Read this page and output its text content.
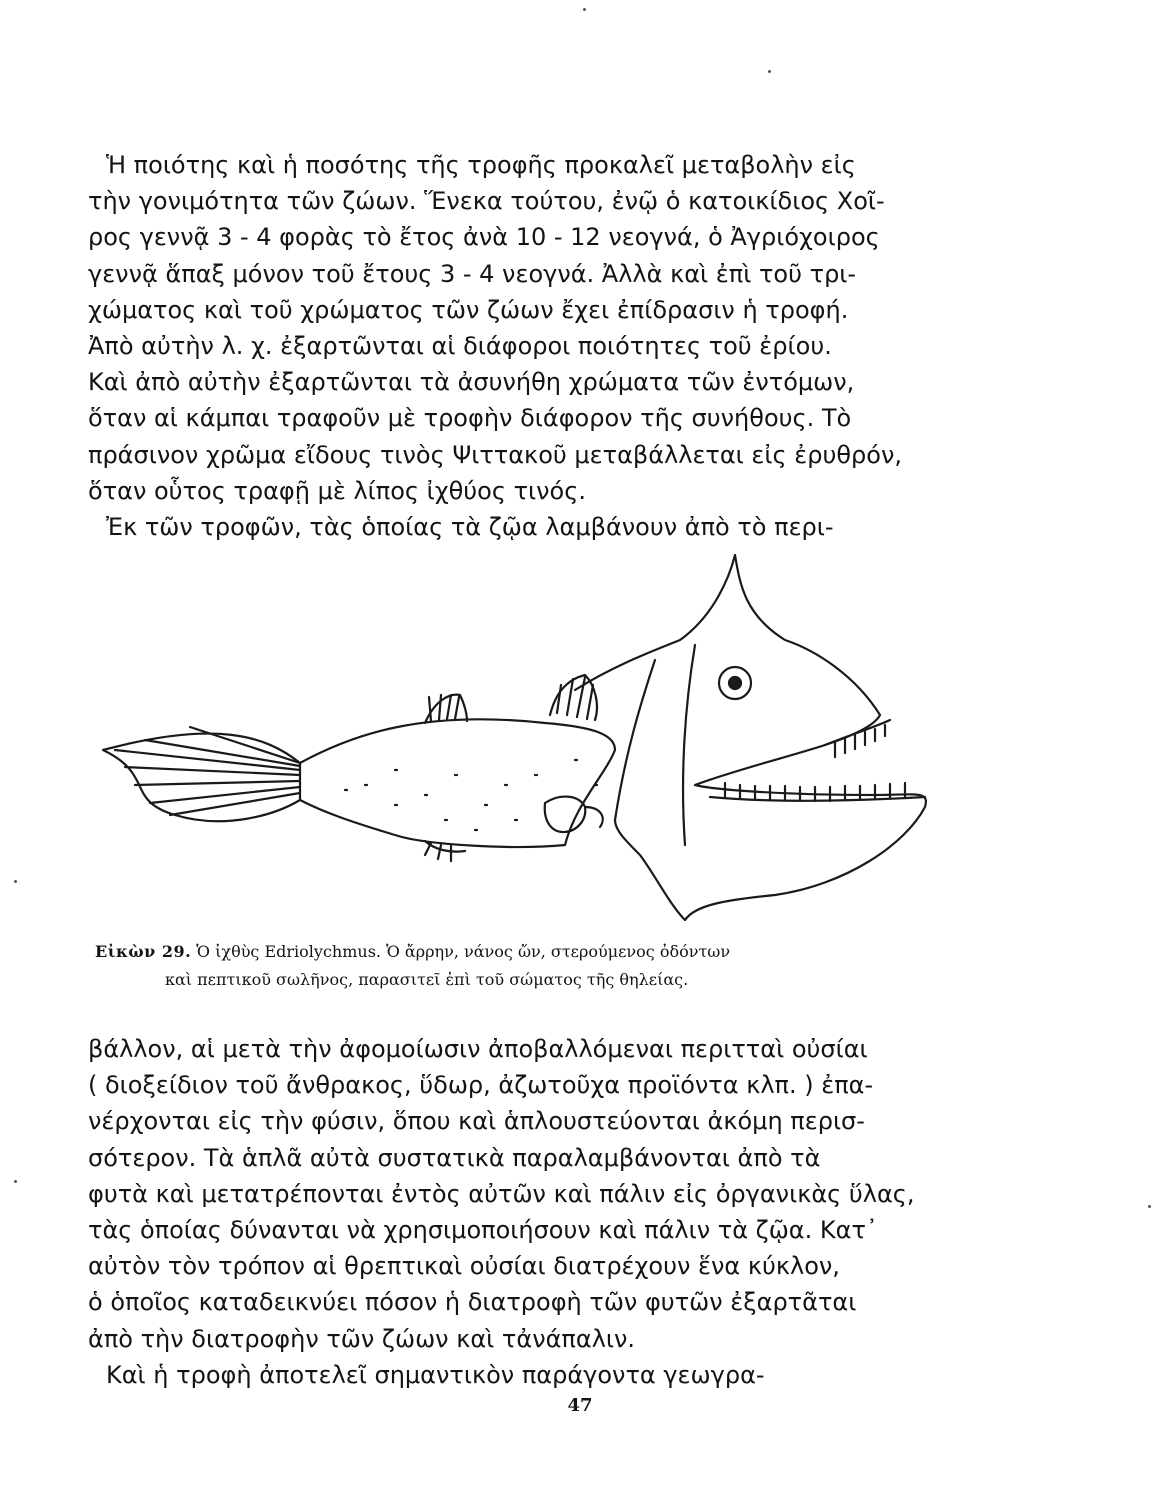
Ἡ ποιότης καὶ ἡ ποσότης τῆς τροφῆς προκαλεῖ μεταβολὴν εἰς
τὴν γονιμότητα τῶν ζώων. Ἕνεκα τούτου, ἐνῷ ὁ κατοικίδιος Χοῖ-
ρος γεννᾷ 3 - 4 φορὰς τὸ ἔτος ἀνὰ 10 - 12 νεογνά, ὁ Ἀγριόχοιρος
γεννᾷ ἅπαξ μόνον τοῦ ἔτους 3 - 4 νεογνά. Ἀλλὰ καὶ ἐπὶ τοῦ τρι-
χώματος καὶ τοῦ χρώματος τῶν ζώων ἔχει ἐπίδρασιν ἡ τροφή.
Ἀπὸ αὐτὴν λ. χ. ἐξαρτῶνται αἱ διάφοροι ποιότητες τοῦ ἐρίου.
Καὶ ἀπὸ αὐτὴν ἐξαρτῶνται τὰ ἀσυνήθη χρώματα τῶν ἐντόμων,
ὅταν αἱ κάμπαι τραφοῦν μὲ τροφὴν διάφορον τῆς συνήθους. Τὸ
πράσινον χρῶμα εἴδους τινὸς Ψιττακοῦ μεταβάλλεται εἰς ἐρυθρόν,
ὅταν οὗτος τραφῇ μὲ λίπος ἰχθύος τινός.
Ἐκ τῶν τροφῶν, τὰς ὁποίας τὰ ζῷα λαμβάνουν ἀπὸ τὸ περι-
Εἰκὼν 29. Ὁ ἰχθὺς Edriolychmus. Ὁ ἄρρην, νάνος ὤν, στερούμενος ὀδόντων
καὶ πεπτικοῦ σωλῆνος, παρασιτεῖ ἐπὶ τοῦ σώματος τῆς θηλείας.
βάλλον, αἱ μετὰ τὴν ἀφομοίωσιν ἀποβαλλόμεναι περιτταὶ οὐσίαι
( διοξείδιον τοῦ ἄνθρακος, ὕδωρ, ἀζωτοῦχα προϊόντα κλπ. ) ἐπα-
νέρχονται εἰς τὴν φύσιν, ὅπου καὶ ἁπλουστεύονται ἀκόμη περισ-
σότερον. Τὰ ἁπλᾶ αὐτὰ συστατικὰ παραλαμβάνονται ἀπὸ τὰ
φυτὰ καὶ μετατρέπονται ἐντὸς αὐτῶν καὶ πάλιν εἰς ὀργανικὰς ὕλας,
τὰς ὁποίας δύνανται νὰ χρησιμοποιήσουν καὶ πάλιν τὰ ζῷα. Κατ᾽
αὐτὸν τὸν τρόπον αἱ θρεπτικαὶ οὐσίαι διατρέχουν ἕνα κύκλον,
ὁ ὁποῖος καταδεικνύει πόσον ἡ διατροφὴ τῶν φυτῶν ἐξαρτᾶται
ἀπὸ τὴν διατροφὴν τῶν ζώων καὶ τἀνάπαλιν.
Καὶ ἡ τροφὴ ἀποτελεῖ σημαντικὸν παράγοντα γεωγρα-
47
